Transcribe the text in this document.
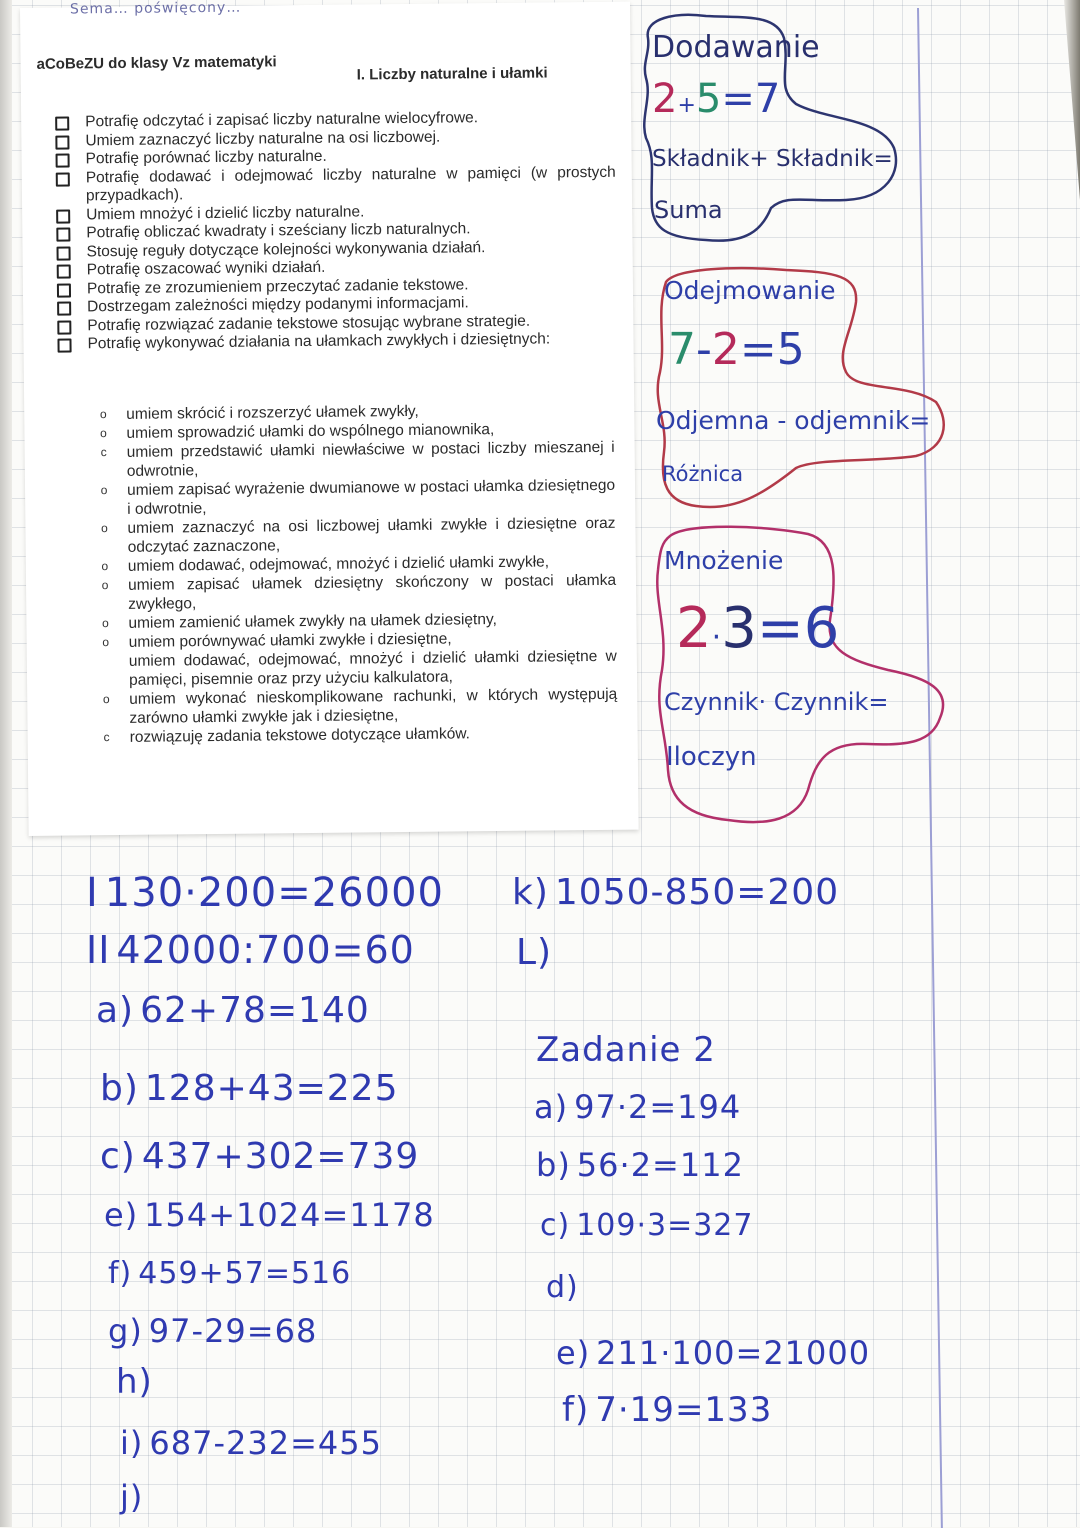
Sema… poświęcony…
aCoBeZU do klasy Vz matematyki
I. Liczby naturalne i ułamki
Potrafię odczytać i zapisać liczby naturalne wielocyfrowe.
Umiem zaznaczyć liczby naturalne na osi liczbowej.
Potrafię porównać liczby naturalne.
Potrafię dodawać i odejmować liczby naturalne w pamięci (w prostych przypadkach).
Umiem mnożyć i dzielić liczby naturalne.
Potrafię obliczać kwadraty i sześciany liczb naturalnych.
Stosuję reguły dotyczące kolejności wykonywania działań.
Potrafię oszacować wyniki działań.
Potrafię ze zrozumieniem przeczytać zadanie tekstowe.
Dostrzegam zależności między podanymi informacjami.
Potrafię rozwiązać zadanie tekstowe stosując wybrane strategie.
Potrafię wykonywać działania na ułamkach zwykłych i dziesiętnych:
o	umiem skrócić i rozszerzyć ułamek zwykły,
o	umiem sprowadzić ułamki do wspólnego mianownika,
c	umiem przedstawić ułamki niewłaściwe w postaci liczby mieszanej i odwrotnie,
o	umiem zapisać wyrażenie dwumianowe w postaci ułamka dziesiętnego i odwrotnie,
o	umiem zaznaczyć na osi liczbowej ułamki zwykłe i dziesiętne oraz odczytać zaznaczone,
o	umiem dodawać, odejmować, mnożyć i dzielić ułamki zwykłe,
o	umiem zapisać ułamek dziesiętny skończony w postaci ułamka zwykłego,
o	umiem zamienić ułamek zwykły na ułamek dziesiętny,
o	umiem porównywać ułamki zwykłe i dziesiętne,
umiem dodawać, odejmować, mnożyć i dzielić ułamki dziesiętne w pamięci, pisemnie oraz przy użyciu kalkulatora,
o	umiem wykonać nieskomplikowane rachunki, w których występują zarówno ułamki zwykłe jak i dziesiętne,
c	rozwiązuję zadania tekstowe dotyczące ułamków.
Dodawanie
2+5=7
Składnik+ Składnik=
Suma
Odejmowanie
7-2=5
Odjemna - odjemnik=
Różnica
Mnożenie
2·3=6
Czynnik· Czynnik=
Iloczyn
I 130·200=26000
II 42000:700=60
a) 62+78=140
b) 128+43=225
c) 437+302=739
e) 154+1024=1178
f) 459+57=516
g) 97-29=68
h)
i) 687-232=455
j)
k) 1050-850=200
L)
Zadanie 2
a) 97·2=194
b) 56·2=112
c) 109·3=327
d)
e) 211·100=21000
f) 7·19=133
